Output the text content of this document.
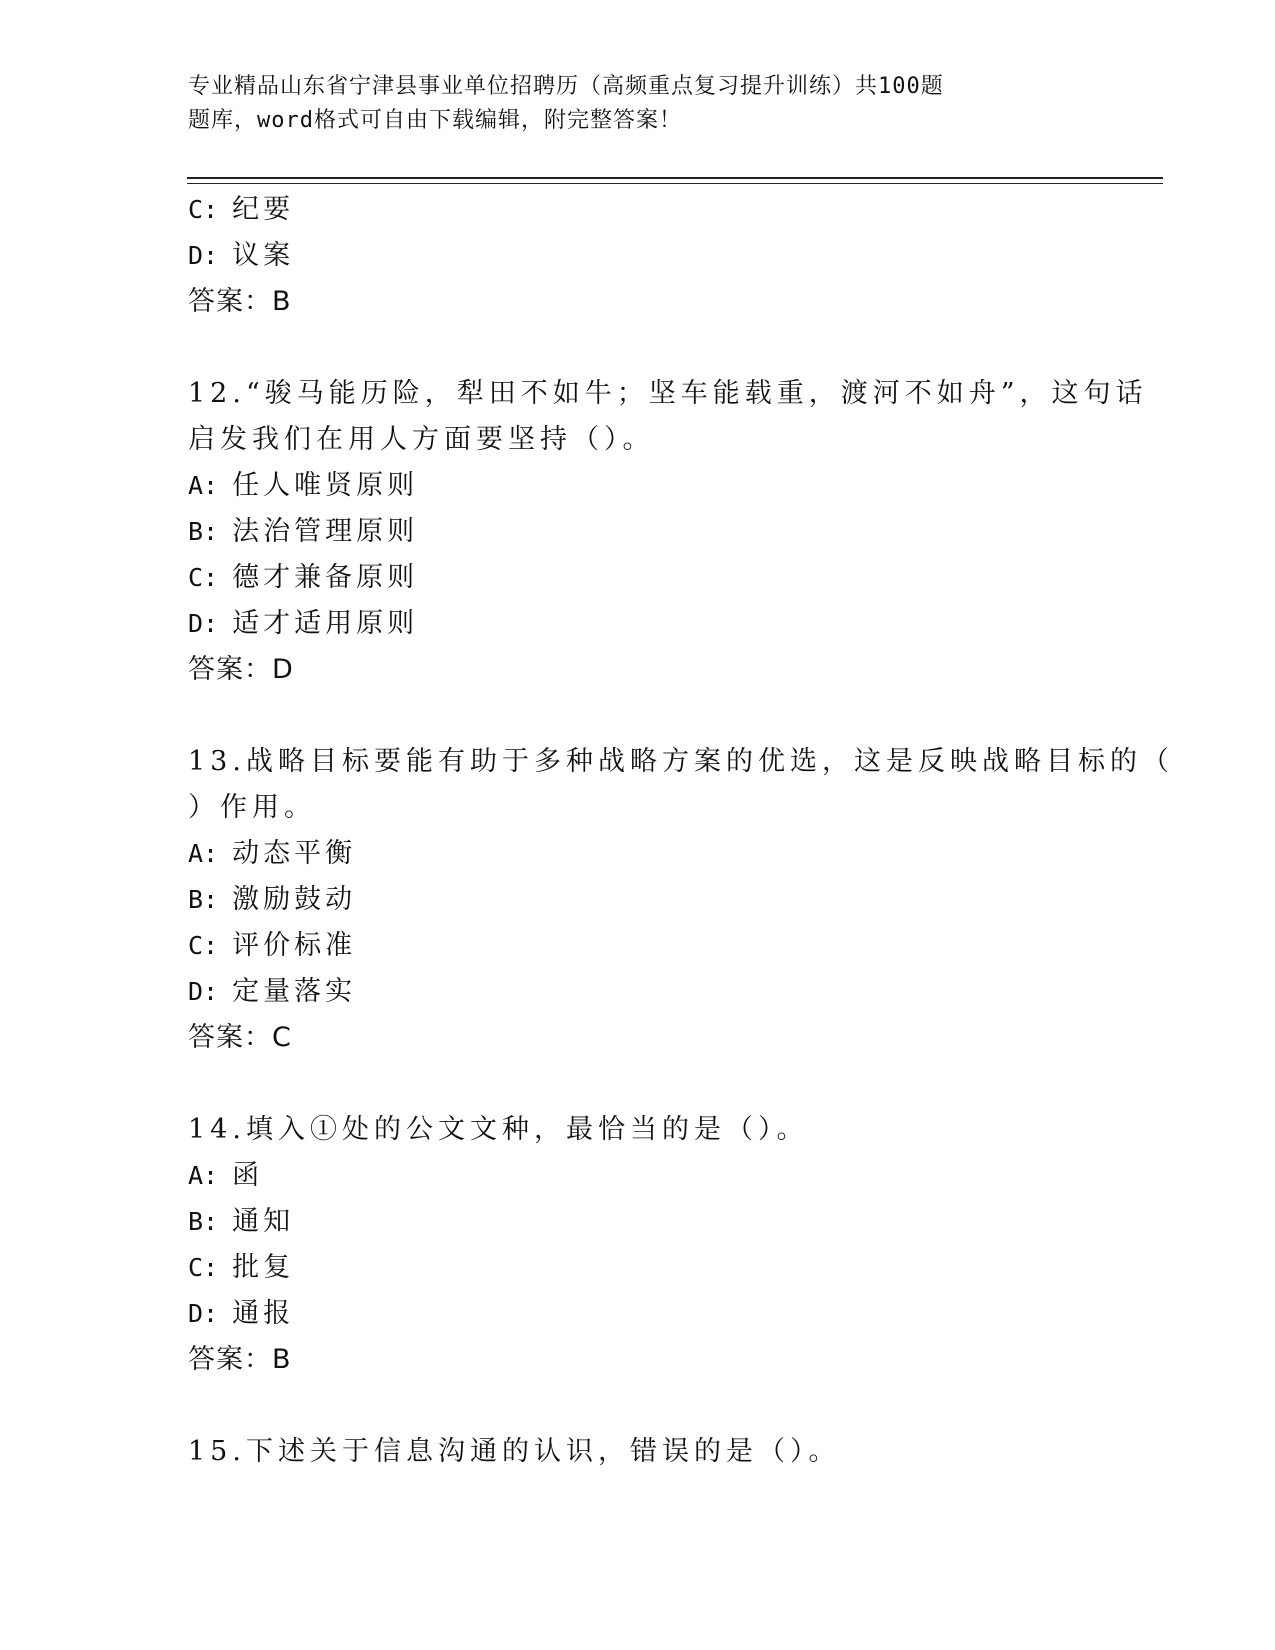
专业精品山东省宁津县事业单位招聘历（高频重点复习提升训练）共100题
题库，word格式可自由下载编辑，附完整答案！
C: 纪要
D: 议案
答案：B
12.“骏马能历险，犁田不如牛；坚车能载重，渡河不如舟”，这句话
启发我们在用人方面要坚持（）。
A: 任人唯贤原则
B: 法治管理原则
C: 德才兼备原则
D: 适才适用原则
答案：D
13.战略目标要能有助于多种战略方案的优选，这是反映战略目标的（
）作用。
A: 动态平衡
B: 激励鼓动
C: 评价标准
D: 定量落实
答案：C
14.填入①处的公文文种，最恰当的是（）。
A: 函
B: 通知
C: 批复
D: 通报
答案：B
15.下述关于信息沟通的认识，错误的是（）。
